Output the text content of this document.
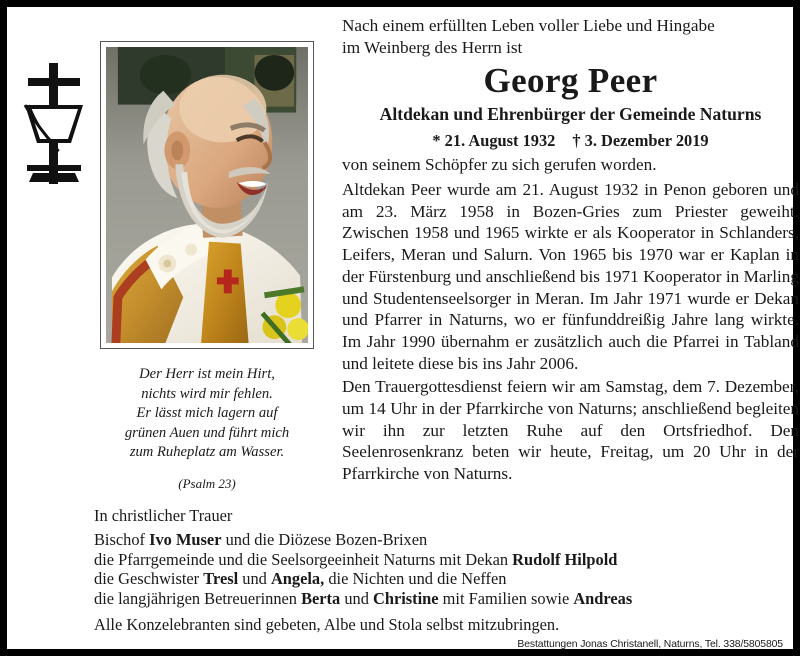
Der Herr ist mein Hirt,
nichts wird mir fehlen.
Er lässt mich lagern auf
grünen Auen und führt mich
zum Ruheplatz am Wasser.
(Psalm 23)
Nach einem erfüllten Leben voller Liebe und Hingabe
im Weinberg des Herrn ist
Georg Peer
Altdekan und Ehrenbürger der Gemeinde Naturns
* 21. August 1932 † 3. Dezember 2019
von seinem Schöpfer zu sich gerufen worden.
Altdekan Peer wurde am 21. August 1932 in Penon geboren und am 23. März 1958 in Bozen-Gries zum Priester geweiht. Zwischen 1958 und 1965 wirkte er als Kooperator in Schlanders, Leifers, Meran und Salurn. Von 1965 bis 1970 war er Kaplan in der Fürstenburg und anschließend bis 1971 Kooperator in Marling und Studentenseelsorger in Meran. Im Jahr 1971 wurde er Dekan und Pfarrer in Naturns, wo er fünfunddreißig Jahre lang wirkte. Im Jahr 1990 übernahm er zusätzlich auch die Pfarrei in Tabland und leitete diese bis ins Jahr 2006.
Den Trauergottesdienst feiern wir am Samstag, dem 7. Dezember, um 14 Uhr in der Pfarrkirche von Naturns; anschließend begleiten wir ihn zur letzten Ruhe auf den Ortsfriedhof. Den Seelenrosenkranz beten wir heute, Freitag, um 20 Uhr in der Pfarrkirche von Naturns.
In christlicher Trauer
Bischof Ivo Muser und die Diözese Bozen-Brixen
die Pfarrgemeinde und die Seelsorgeeinheit Naturns mit Dekan Rudolf Hilpold
die Geschwister Tresl und Angela, die Nichten und die Neffen
die langjährigen Betreuerinnen Berta und Christine mit Familien sowie Andreas
Alle Konzelebranten sind gebeten, Albe und Stola selbst mitzubringen.
Bestattungen Jonas Christanell, Naturns, Tel. 338/5805805
